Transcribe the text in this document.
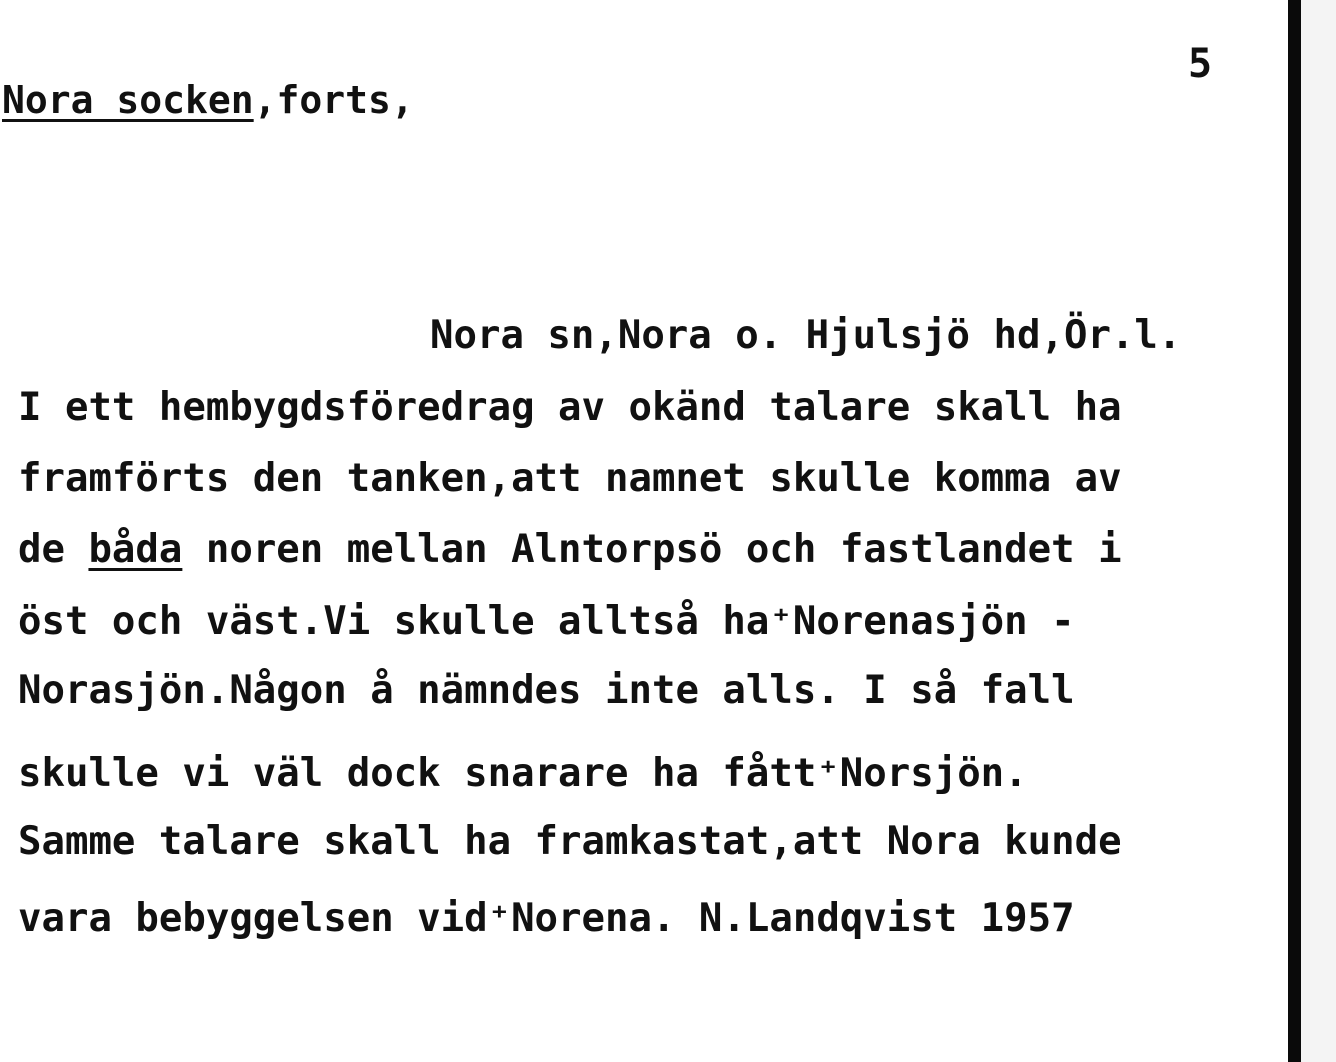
5
Nora socken,forts,
Nora sn,Nora o. Hjulsjö hd,Ör.l.
I ett hembygdsföredrag av okänd talare skall ha
framförts den tanken,att namnet skulle komma av
de båda noren mellan Alntorpsö och fastlandet i
öst och väst.Vi skulle alltså ha⁺Norenasjön -
Norasjön.Någon å nämndes inte alls. I så fall
skulle vi väl dock snarare ha fått⁺Norsjön.
Samme talare skall ha framkastat,att Nora kunde
vara bebyggelsen vid⁺Norena. N.Landqvist 1957
